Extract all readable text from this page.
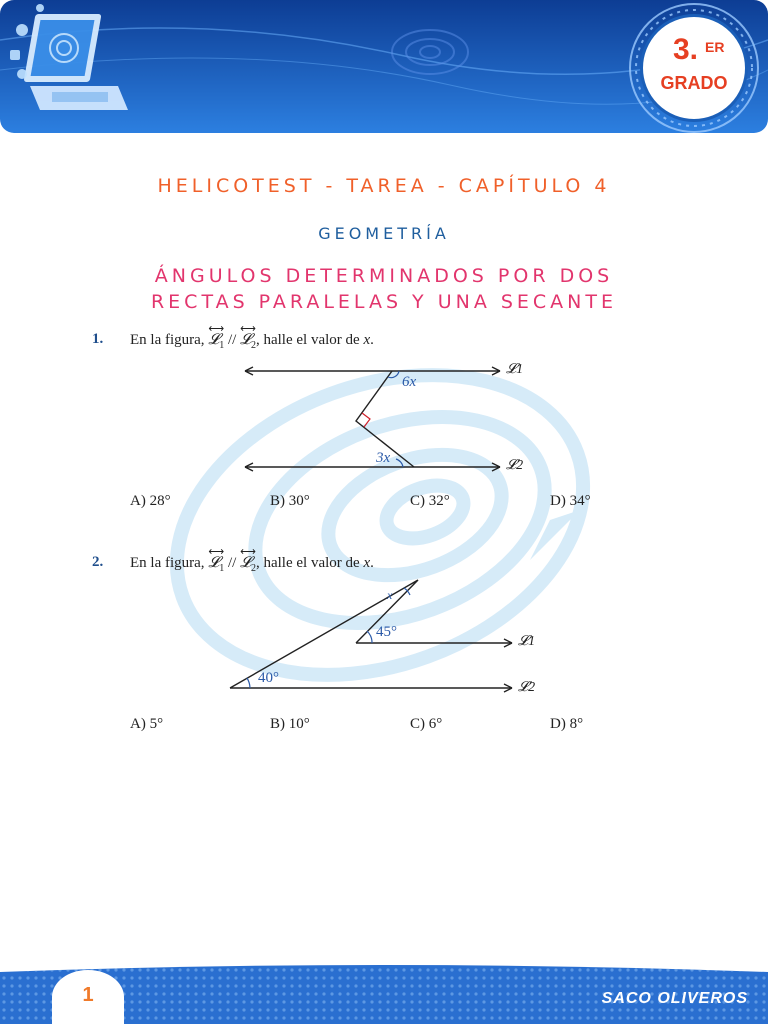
3. ER
GRADO
HELICOTEST - TAREA - CAPÍTULO 4
GEOMETRÍA
ÁNGULOS DETERMINADOS POR DOS
RECTAS PARALELAS Y UNA SECANTE
1. En la figura,
⟷
𝓛$_1$ //
⟷
𝓛$_2$, halle el valor de x.
6x
3x
𝓛1
𝓛2
A) 28°	B) 30°	C) 32°	D) 34°
2. En la figura,
⟷
𝓛$_1$ //
⟷
𝓛$_2$, halle el valor de x.
x
45°
40°
𝓛1
𝓛2
A) 5°	B) 10°	C) 6°	D) 8°
1	SACO OLIVEROS
